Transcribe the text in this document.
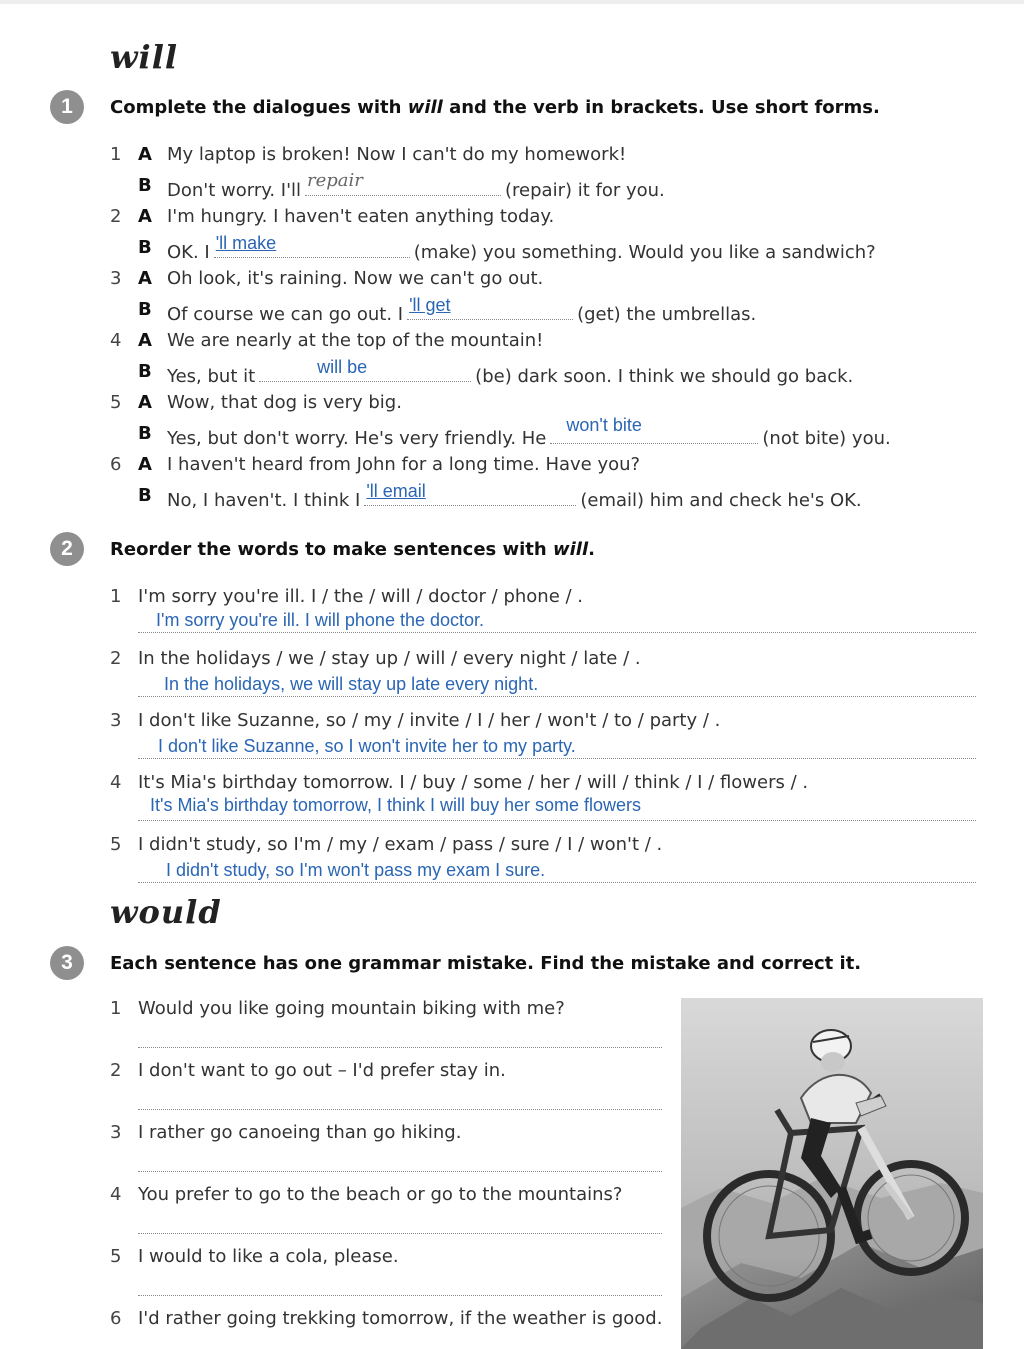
will
1	Complete the dialogues with will and the verb in brackets. Use short forms.
1 A My laptop is broken! Now I can't do my homework!
B Don't worry. I'll repair	(repair) it for you.
2 A I'm hungry. I haven't eaten anything today.
B OK. I 'll make	(make) you something. Would you like a sandwich?
3 A Oh look, it's raining. Now we can't go out.
B Of course we can go out. I 'll get	(get) the umbrellas.
4 A We are nearly at the top of the mountain!
B Yes, but it	will be	(be) dark soon. I think we should go back.
5 A Wow, that dog is very big.
B Yes, but don't worry. He's very friendly. He
won't bite
(not bite) you.
6 A I haven't heard from John for a long time. Have you?
B No, I haven't. I think I 'll email	(email) him and check he's OK.
2	Reorder the words to make sentences with will.
1 I'm sorry you're ill. I / the / will / doctor / phone / .
I'm sorry you're ill. I will phone the doctor.
2 In the holidays / we / stay up / will / every night / late / .
In the holidays, we will stay up late every night.
3 I don't like Suzanne, so / my / invite / I / her / won't / to / party / .
I don't like Suzanne, so I won't invite her to my party.
4 It's Mia's birthday tomorrow. I / buy / some / her / will / think / I / flowers / .
It's Mia's birthday tomorrow, I think I will buy her some flowers
5 I didn't study, so I'm / my / exam / pass / sure / I / won't / .
I didn't study, so I'm won't pass my exam I sure.
would
3	Each sentence has one grammar mistake. Find the mistake and correct it.
1 Would you like going mountain biking with me?
2 I don't want to go out – I'd prefer stay in.
3 I rather go canoeing than go hiking.
4 You prefer to go to the beach or go to the mountains?
5 I would to like a cola, please.
6 I'd rather going trekking tomorrow, if the weather is good.
